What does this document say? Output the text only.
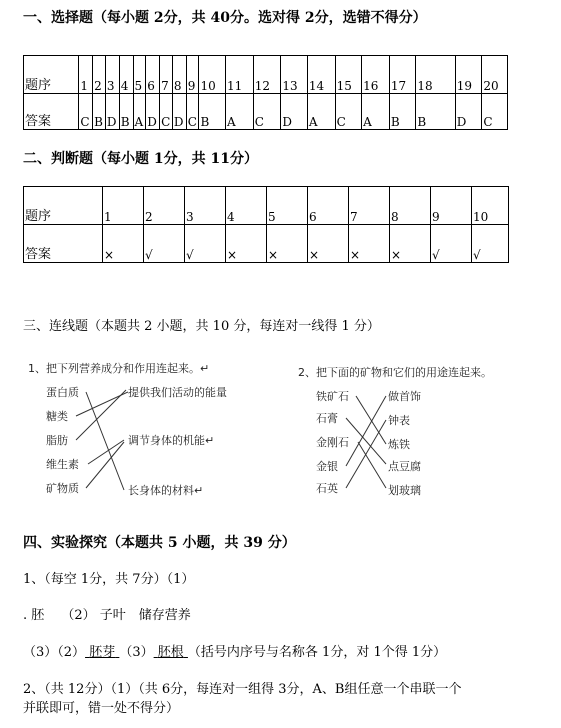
一、选择题（每小题 2分，共 40分。选对得 2分，选错不得分）
题序	1	2	3	4	5	6	7	8	9	10	11	12	13	14	15	16	17	18	19	20
答案	C	B	D	B	A	D	C	D	C	B	A	C	D	A	C	A	B	B	D	C
二、判断题（每小题 1分，共 11分）
题序	1	2	3	4	5	6	7	8	9	10
答案	×	√	√	×	×	×	×	×	√	√
三、连线题（本题共 2 小题，共 10 分，每连对一线得 1 分）
1、把下列营养成分和作用连起来。↵
蛋白质
糖类
脂肪
维生素
矿物质
提供我们活动的能量
调节身体的机能↵
长身体的材料↵
2、把下面的矿物和它们的用途连起来。
铁矿石
石膏
金刚石
金银
石英
做首饰
钟表
炼铁
点豆腐
划玻璃
四、实验探究（本题共 5 小题，共 39 分）
1、（每空 1分，共 7分）（1）
. 胚　 （2） 子叶　储存营养
（3）（2） 胚芽 （3） 胚根 （括号内序号与名称各 1分，对 1个得 1分）
2、（共 12分）（1）（共 6分，每连对一组得 3分，A、B组任意一个串联一个
并联即可，错一处不得分）
